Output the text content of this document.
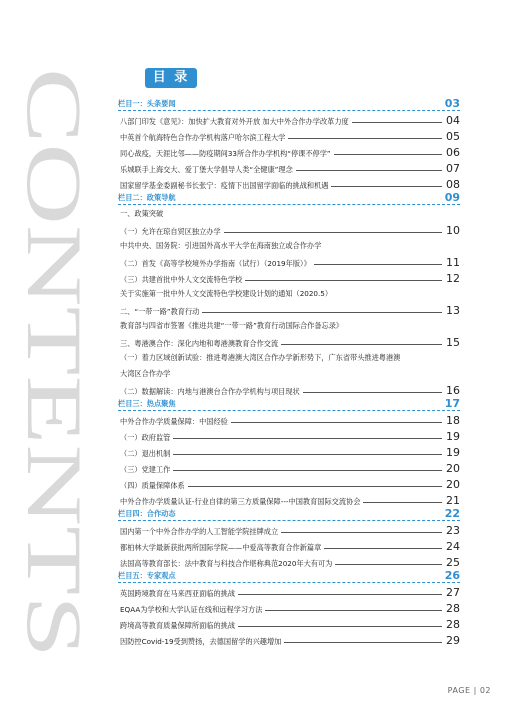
CONTENTS	目 录
栏目一：头条要闻	03
八部门印发《意见》：加快扩大教育对外开放 加大中外合作办学改革力度	04
中英首个航海特色合作办学机构落户哈尔滨工程大学	05
同心战疫，天涯比邻——防疫期间33所合作办学机构“停课不停学”	06
乐城联手上海交大、爱丁堡大学倡导人类“全健康”理念	07
国家留学基金委副秘书长张宁：疫情下出国留学面临的挑战和机遇	08
栏目二：政策导航	09
一、政策突破
（一）允许在琼自贸区独立办学	10
中共中央、国务院：引进国外高水平大学在海南独立或合作办学
（二）首发《高等学校境外办学指南（试行）（2019年版）》	11
（三）共建首批中外人文交流特色学校	12
关于实施第一批中外人文交流特色学校建设计划的通知（2020.5）
二、“一带一路”教育行动	13
教育部与四省市签署《推进共建“一带一路”教育行动国际合作备忘录》
三、粤港澳合作：深化内地和粤港澳教育合作交流	15
（一）着力区域创新试验：推进粤港澳大湾区合作办学新形势下，广东省带头推进粤港澳
大湾区合作办学
（二）数据解读：内地与港澳台合作办学机构与项目现状	16
栏目三：热点聚焦	17
中外合作办学质量保障：中国经验	18
（一）政府监管	19
（二）退出机制	19
（三）党建工作	20
（四）质量保障体系	20
中外合作办学质量认证-行业自律的第三方质量保障---中国教育国际交流协会	21
栏目四：合作动态	22
国内第一个中外合作办学的人工智能学院挂牌成立	23
都柏林大学最新获批两所国际学院——中爱高等教育合作新篇章	24
法国高等教育部长：法中教育与科技合作堪称典范2020年大有可为	25
栏目五：专家观点	26
英国跨境教育在马来西亚面临的挑战	27
EQAA为学校和大学认证在线和远程学习方法	28
跨境高等教育质量保障所面临的挑战	28
因防控Covid-19受到赞扬，去德国留学的兴趣增加	29
PAGE | 02
